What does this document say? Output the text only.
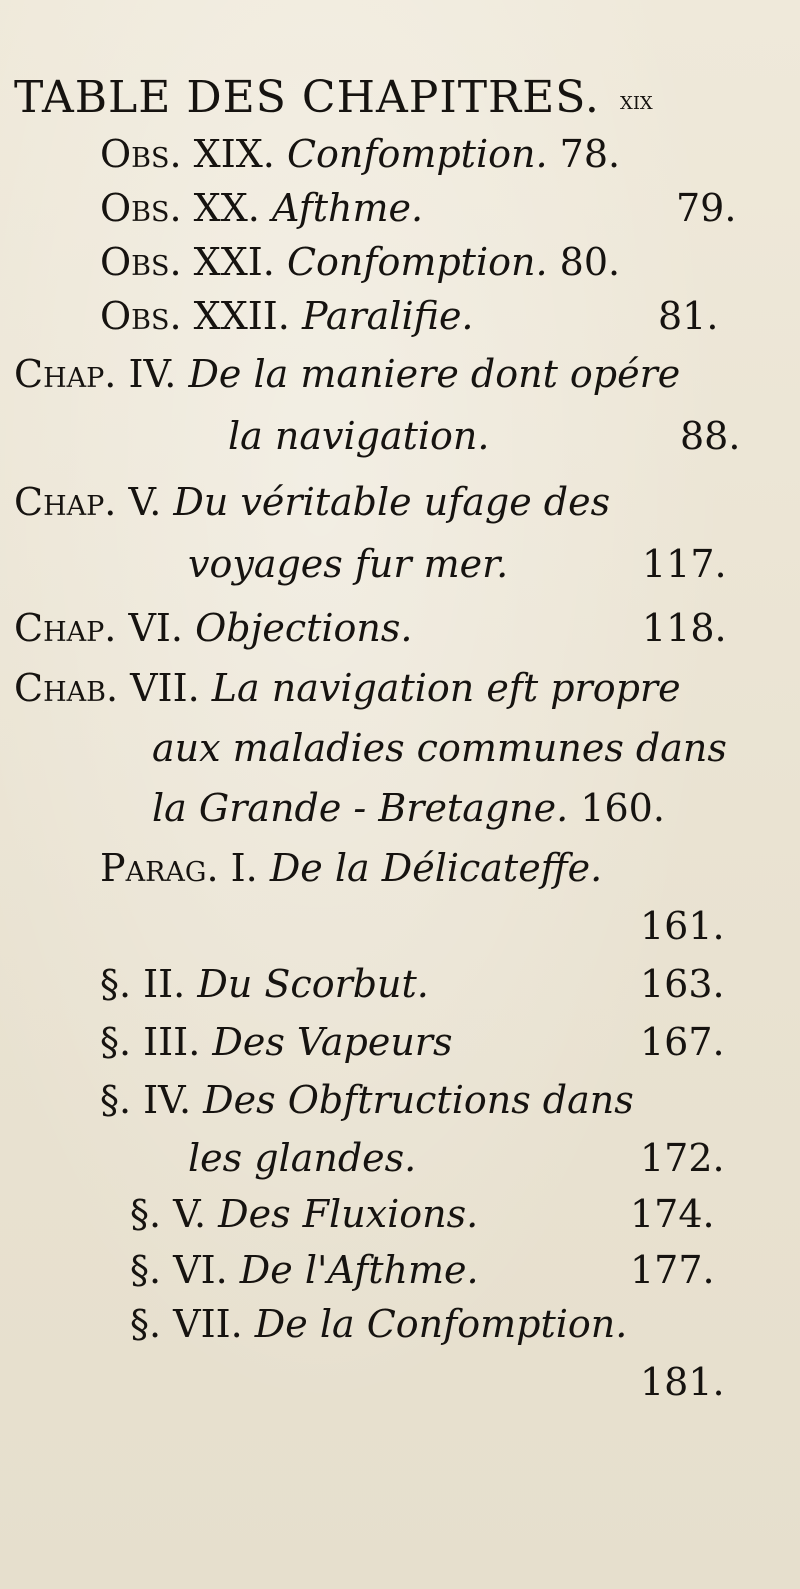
TABLE DES CHAPITRES. xix
Obs. XIX. Confomption. 78.
Obs. XX. Afthme.	79.
Obs. XXI. Confomption. 80.
Obs. XXII. Paralifie.	81.
Chap. IV. De la maniere dont opére
la navigation.	88.
Chap. V. Du véritable ufage des
voyages fur mer.	117.
Chap. VI. Objections.	118.
Chab. VII. La navigation eft propre
aux maladies communes dans
la Grande - Bretagne. 160.
Parag. I. De la Délicateffe.
161.
§. II. Du Scorbut.	163.
§. III. Des Vapeurs	167.
§. IV. Des Obftructions dans
les glandes.	172.
§. V. Des Fluxions.	174.
§. VI. De l'Afthme.	177.
§. VII. De la Confomption.
181.
